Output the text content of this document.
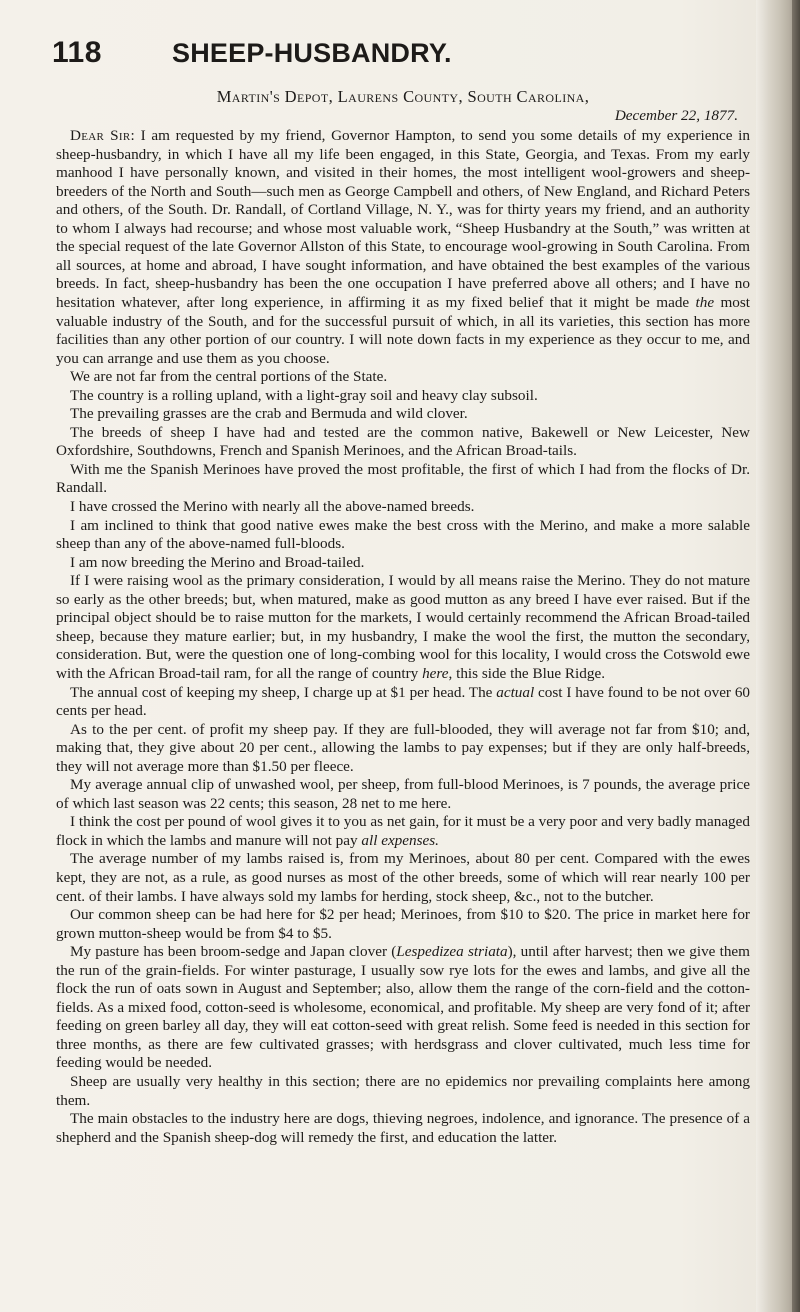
118	SHEEP-HUSBANDRY.

Martin's Depot, Laurens County, South Carolina,

December 22, 1877.

Dear Sir: I am requested by my friend, Governor Hampton, to send you some details of my experience in sheep-husbandry, in which I have all my life been engaged, in this State, Georgia, and Texas. From my early manhood I have personally known, and visited in their homes, the most intelligent wool-growers and sheep-breeders of the North and South—such men as George Campbell and others, of New England, and Richard Peters and others, of the South. Dr. Randall, of Cortland Village, N. Y., was for thirty years my friend, and an authority to whom I always had recourse; and whose most valuable work, “Sheep Husbandry at the South,” was written at the special request of the late Governor Allston of this State, to encourage wool-growing in South Carolina. From all sources, at home and abroad, I have sought information, and have obtained the best examples of the various breeds. In fact, sheep-husbandry has been the one occupation I have preferred above all others; and I have no hesitation whatever, after long experience, in affirming it as my fixed belief that it might be made the most valuable industry of the South, and for the successful pursuit of which, in all its varieties, this section has more facilities than any other portion of our country. I will note down facts in my experience as they occur to me, and you can arrange and use them as you choose.

We are not far from the central portions of the State.

The country is a rolling upland, with a light-gray soil and heavy clay subsoil.

The prevailing grasses are the crab and Bermuda and wild clover.

The breeds of sheep I have had and tested are the common native, Bakewell or New Leicester, New Oxfordshire, Southdowns, French and Spanish Merinoes, and the African Broad-tails.

With me the Spanish Merinoes have proved the most profitable, the first of which I had from the flocks of Dr. Randall.

I have crossed the Merino with nearly all the above-named breeds.

I am inclined to think that good native ewes make the best cross with the Merino, and make a more salable sheep than any of the above-named full-bloods.

I am now breeding the Merino and Broad-tailed.

If I were raising wool as the primary consideration, I would by all means raise the Merino. They do not mature so early as the other breeds; but, when matured, make as good mutton as any breed I have ever raised. But if the principal object should be to raise mutton for the markets, I would certainly recommend the African Broad-tailed sheep, because they mature earlier; but, in my husbandry, I make the wool the first, the mutton the secondary, consideration. But, were the question one of long-combing wool for this locality, I would cross the Cotswold ewe with the African Broad-tail ram, for all the range of country here, this side the Blue Ridge.

The annual cost of keeping my sheep, I charge up at $1 per head. The actual cost I have found to be not over 60 cents per head.

As to the per cent. of profit my sheep pay. If they are full-blooded, they will average not far from $10; and, making that, they give about 20 per cent., allowing the lambs to pay expenses; but if they are only half-breeds, they will not average more than $1.50 per fleece.

My average annual clip of unwashed wool, per sheep, from full-blood Merinoes, is 7 pounds, the average price of which last season was 22 cents; this season, 28 net to me here.

I think the cost per pound of wool gives it to you as net gain, for it must be a very poor and very badly managed flock in which the lambs and manure will not pay all expenses.

The average number of my lambs raised is, from my Merinoes, about 80 per cent. Compared with the ewes kept, they are not, as a rule, as good nurses as most of the other breeds, some of which will rear nearly 100 per cent. of their lambs. I have always sold my lambs for herding, stock sheep, &c., not to the butcher.

Our common sheep can be had here for $2 per head; Merinoes, from $10 to $20. The price in market here for grown mutton-sheep would be from $4 to $5.

My pasture has been broom-sedge and Japan clover (Lespedizea striata), until after harvest; then we give them the run of the grain-fields. For winter pasturage, I usually sow rye lots for the ewes and lambs, and give all the flock the run of oats sown in August and September; also, allow them the range of the corn-field and the cotton-fields. As a mixed food, cotton-seed is wholesome, economical, and profitable. My sheep are very fond of it; after feeding on green barley all day, they will eat cotton-seed with great relish. Some feed is needed in this section for three months, as there are few cultivated grasses; with herdsgrass and clover cultivated, much less time for feeding would be needed.

Sheep are usually very healthy in this section; there are no epidemics nor prevailing complaints here among them.

The main obstacles to the industry here are dogs, thieving negroes, indolence, and ignorance. The presence of a shepherd and the Spanish sheep-dog will remedy the first, and education the latter.
